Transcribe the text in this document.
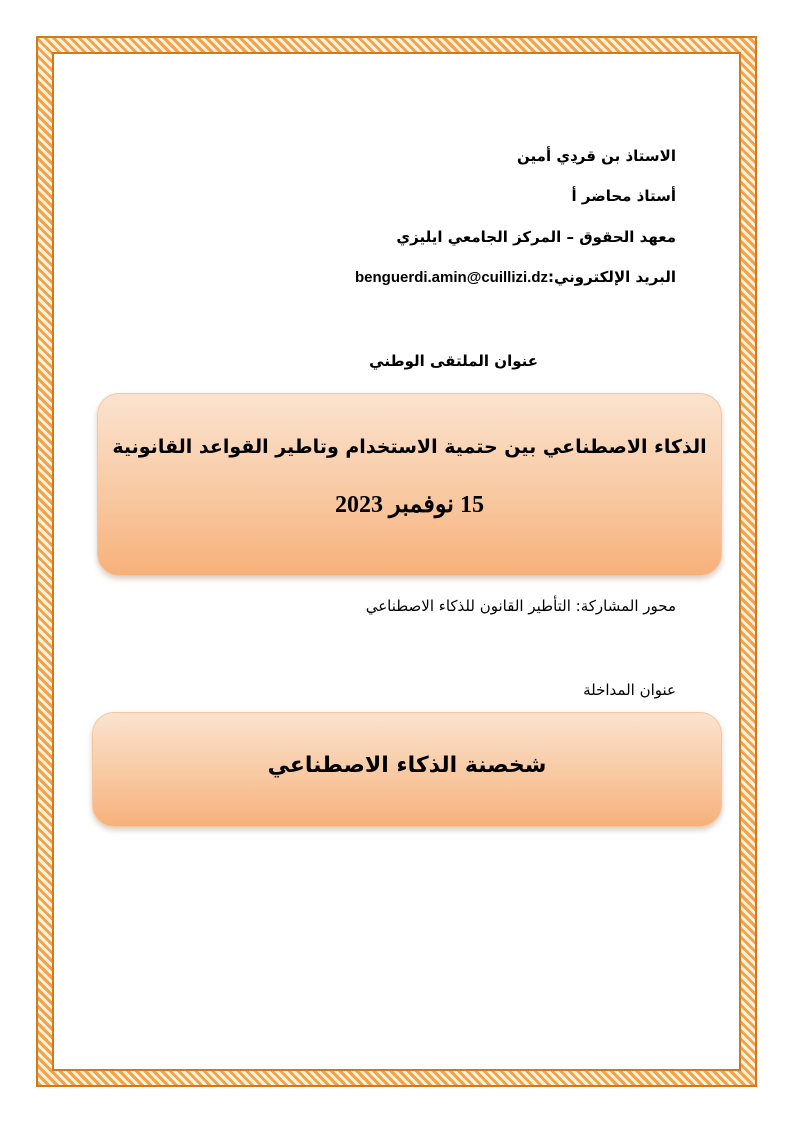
الاستاذ بن قرڍي أمين
أستاذ محاضر أ
معهد الحقوق – المركز الجامعي ايليزي
البريد الإلكتروني:benguerdi.amin@cuillizi.dz
عنوان الملتقى الوطني
الذكاء الاصطناعي بين حتمية الاستخدام وتاطير القواعد القانونية
15 نوفمبر 2023
محور المشاركة: التأطير القانون للذكاء الاصطناعي
عنوان المداخلة
شخصنة الذكاء الاصطناعي
